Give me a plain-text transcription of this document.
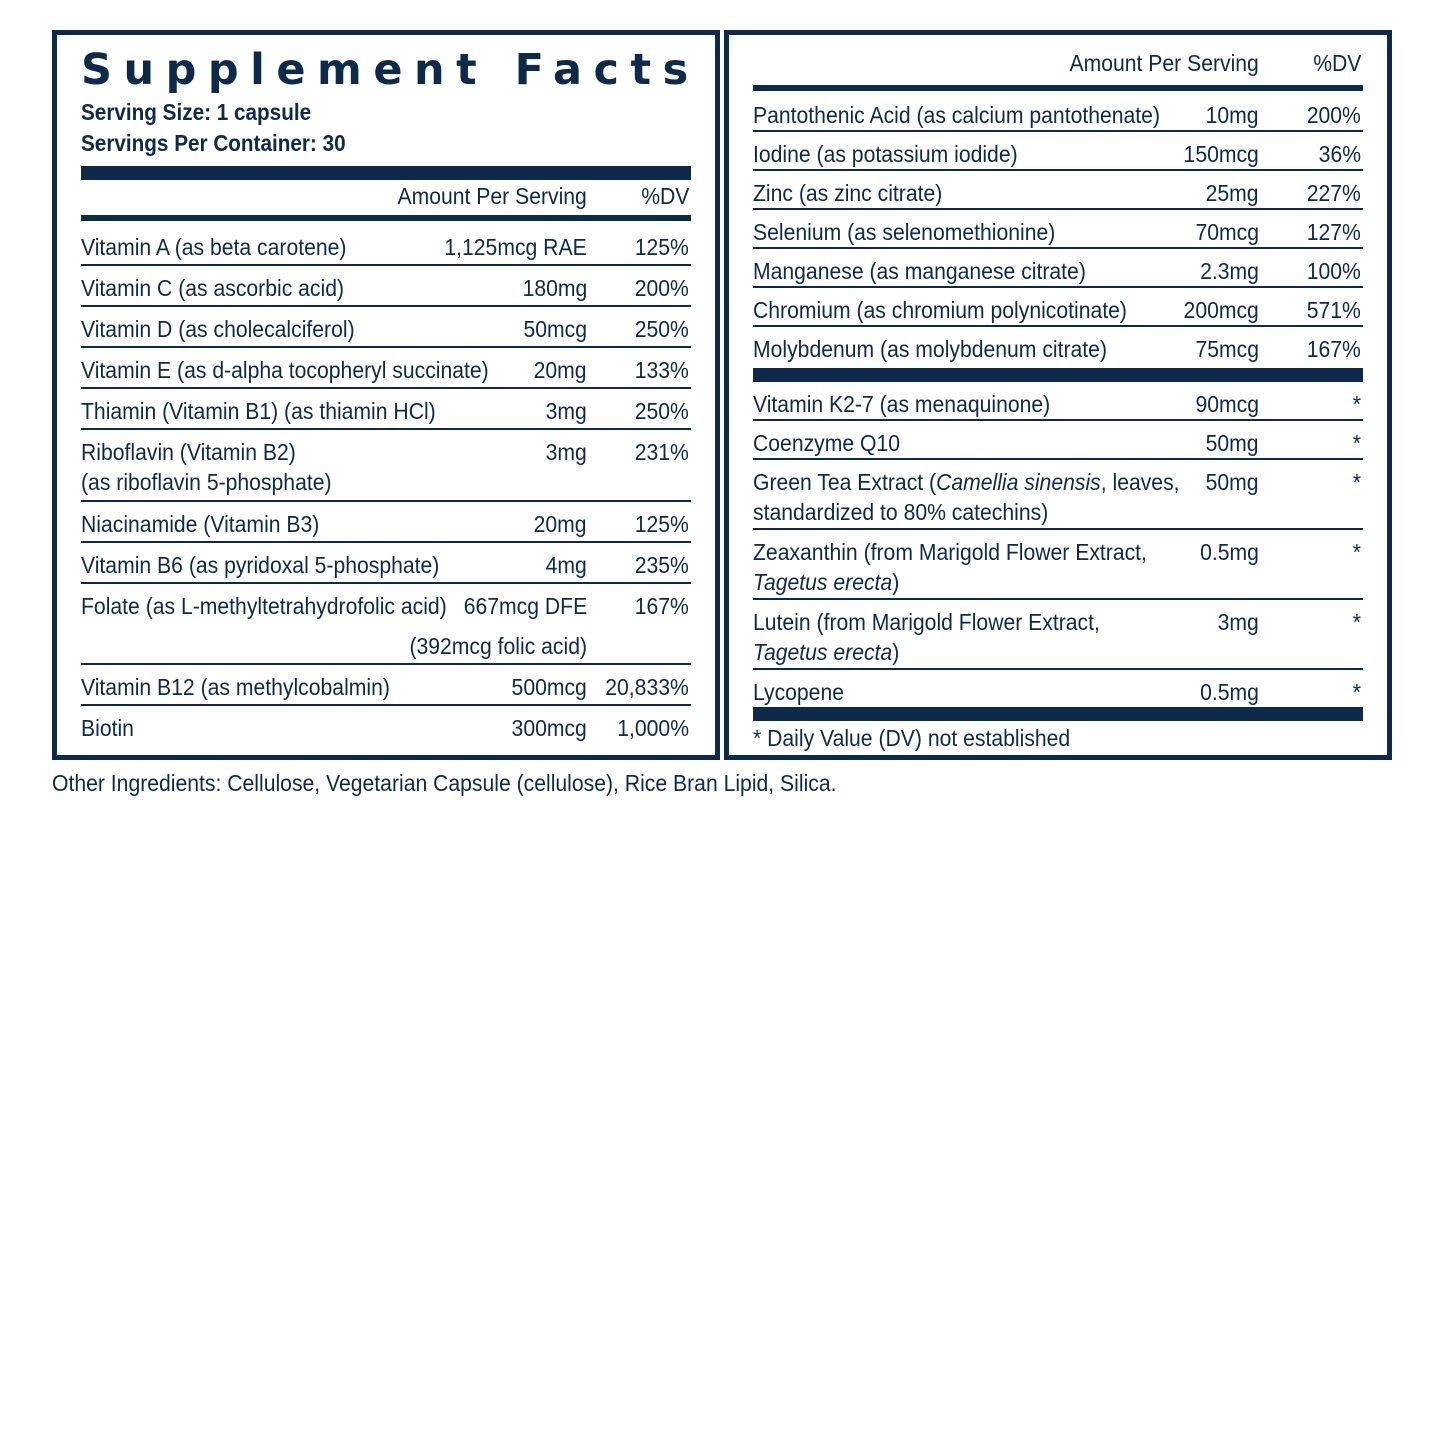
Supplement Facts
Serving Size: 1 capsule
Servings Per Container: 30
Amount Per Serving %DV
Vitamin A (as beta carotene)	1,125mcg RAE 125%
Vitamin C (as ascorbic acid)	180mg 200%
Vitamin D (as cholecalciferol)	50mcg 250%
Vitamin E (as d-alpha tocopheryl succinate) 20mg 133%
Thiamin (Vitamin B1) (as thiamin HCl)	3mg 250%
Riboflavin (Vitamin B2)
(as riboflavin 5-phosphate)
3mg 231%
Niacinamide (Vitamin B3)	20mg 125%
Vitamin B6 (as pyridoxal 5-phosphate)	4mg 235%
Folate (as L-methyltetrahydrofolic acid) 667mcg DFE
(392mcg folic acid)
167%
Vitamin B12 (as methylcobalmin)	500mcg 20,833%
Biotin	300mcg 1,000%
Amount Per Serving %DV
Pantothenic Acid (as calcium pantothenate) 10mg 200%
Iodine (as potassium iodide)	150mcg	36%
Zinc (as zinc citrate)	25mg 227%
Selenium (as selenomethionine)	70mcg 127%
Manganese (as manganese citrate)	2.3mg 100%
Chromium (as chromium polynicotinate) 200mcg 571%
Molybdenum (as molybdenum citrate)	75mcg 167%
Vitamin K2-7 (as menaquinone)	90mcg	*
Coenzyme Q10	50mg	*
Green Tea Extract (Camellia sinensis, leaves,
standardized to 80% catechins)
50mg	*
Zeaxanthin (from Marigold Flower Extract,
Tagetus erecta)
0.5mg	*
Lutein (from Marigold Flower Extract,
Tagetus erecta)
3mg	*
Lycopene	0.5mg	*
* Daily Value (DV) not established
Other Ingredients: Cellulose, Vegetarian Capsule (cellulose), Rice Bran Lipid, Silica.
